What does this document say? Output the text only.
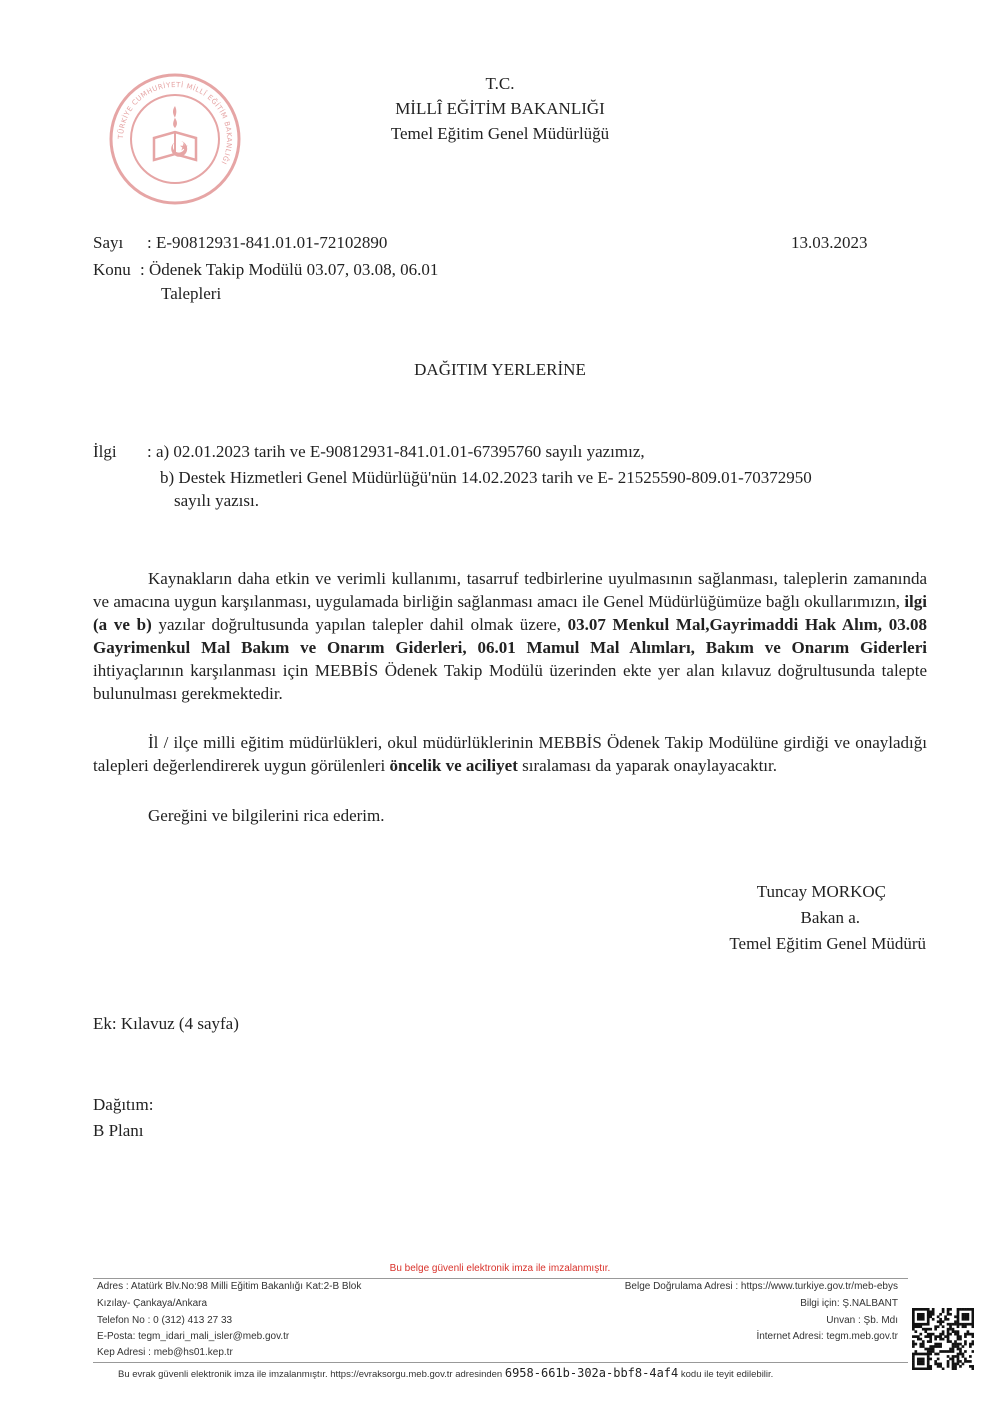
TÜRKİYE CUMHURİYETİ MİLLÎ EĞİTİM BAKANLIĞI
T.C.
MİLLÎ EĞİTİM BAKANLIĞI
Temel Eğitim Genel Müdürlüğü
Sayı : E-90812931-841.01.01-72102890	13.03.2023
Konu : Ödenek Takip Modülü 03.07, 03.08, 06.01
Talepleri
DAĞITIM YERLERİNE
İlgi : a) 02.01.2023 tarih ve E-90812931-841.01.01-67395760 sayılı yazımız,
b) Destek Hizmetleri Genel Müdürlüğü'nün 14.02.2023 tarih ve E- 21525590-809.01-70372950
sayılı yazısı.
Kaynakların daha etkin ve verimli kullanımı, tasarruf tedbirlerine uyulmasının sağlanması, taleplerin zamanında ve amacına uygun karşılanması, uygulamada birliğin sağlanması amacı ile Genel Müdürlüğümüze bağlı okullarımızın, ilgi (a ve b) yazılar doğrultusunda yapılan talepler dahil olmak üzere, 03.07 Menkul Mal,Gayrimaddi Hak Alım, 03.08 Gayrimenkul Mal Bakım ve Onarım Giderleri, 06.01 Mamul Mal Alımları, Bakım ve Onarım Giderleri ihtiyaçlarının karşılanması için MEBBİS Ödenek Takip Modülü üzerinden ekte yer alan kılavuz doğrultusunda talepte bulunulması gerekmektedir.
İl / ilçe milli eğitim müdürlükleri, okul müdürlüklerinin MEBBİS Ödenek Takip Modülüne girdiği ve onayladığı talepleri değerlendirerek uygun görülenleri öncelik ve aciliyet sıralaması da yaparak onaylayacaktır.
Gereğini ve bilgilerini rica ederim.
Tuncay MORKOÇ
Bakan a.
Temel Eğitim Genel Müdürü
Ek: Kılavuz (4 sayfa)
Dağıtım:
B Planı
Bu belge güvenli elektronik imza ile imzalanmıştır.
Adres : Atatürk Blv.No:98 Milli Eğitim Bakanlığı Kat:2-B Blok
Kızılay- Çankaya/Ankara
Telefon No : 0 (312) 413 27 33
E-Posta: tegm_idari_mali_isler@meb.gov.tr
Kep Adresi : meb@hs01.kep.tr
Belge Doğrulama Adresi : https://www.turkiye.gov.tr/meb-ebys
Bilgi için: Ş.NALBANT
Unvan : Şb. Mdı
İnternet Adresi: tegm.meb.gov.tr
Bu evrak güvenli elektronik imza ile imzalanmıştır. https://evraksorgu.meb.gov.tr adresinden 6958-661b-302a-bbf8-4af4 kodu ile teyit edilebilir.
